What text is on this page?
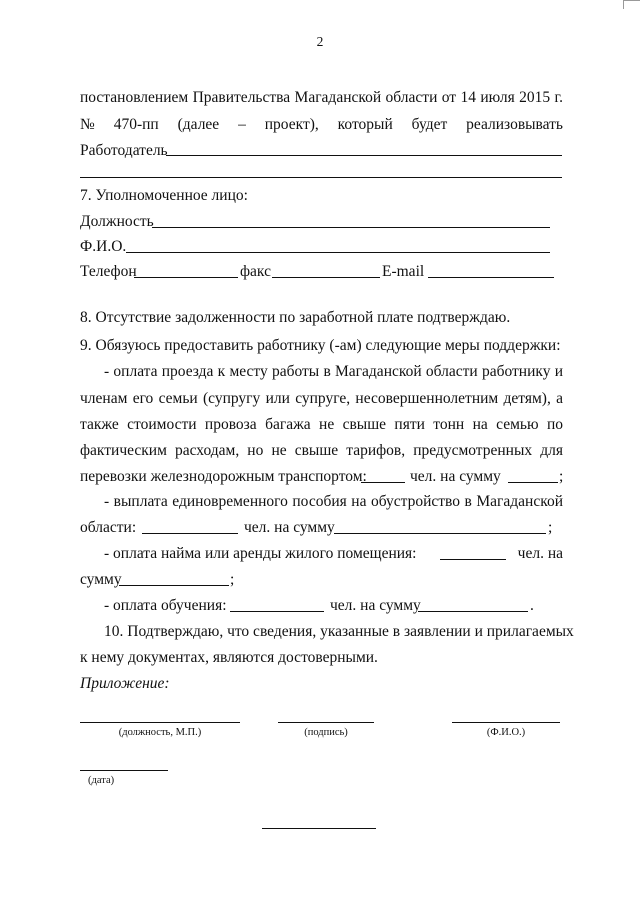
2
постановлением Правительства Магаданской области от 14 июля 2015 г.
№ 470-пп (далее – проект), который будет реализовывать
Работодатель
7. Уполномоченное лицо:
Должность
Ф.И.О.
Телефон	факс	E-mail
8. Отсутствие задолженности по заработной плате подтверждаю.
9. Обязуюсь предоставить работнику (-ам) следующие меры поддержки:
- оплата проезда к месту работы в Магаданской области работнику и
членам его семьи (супругу или супруге, несовершеннолетним детям), а
также стоимости провоза багажа не свыше пяти тонн на семью по
фактическим расходам, но не свыше тарифов, предусмотренных для
перевозки железнодорожным транспортом:	чел. на сумму	;
- выплата единовременного пособия на обустройство в Магаданской
области:	чел. на сумму	;
- оплата найма или аренды жилого помещения:	чел. на
сумму	;
- оплата обучения:	чел. на сумму	.
10. Подтверждаю, что сведения, указанные в заявлении и прилагаемых
к нему документах, являются достоверными.
Приложение:
(должность, М.П.)	(подпись)	(Ф.И.О.)
(дата)
